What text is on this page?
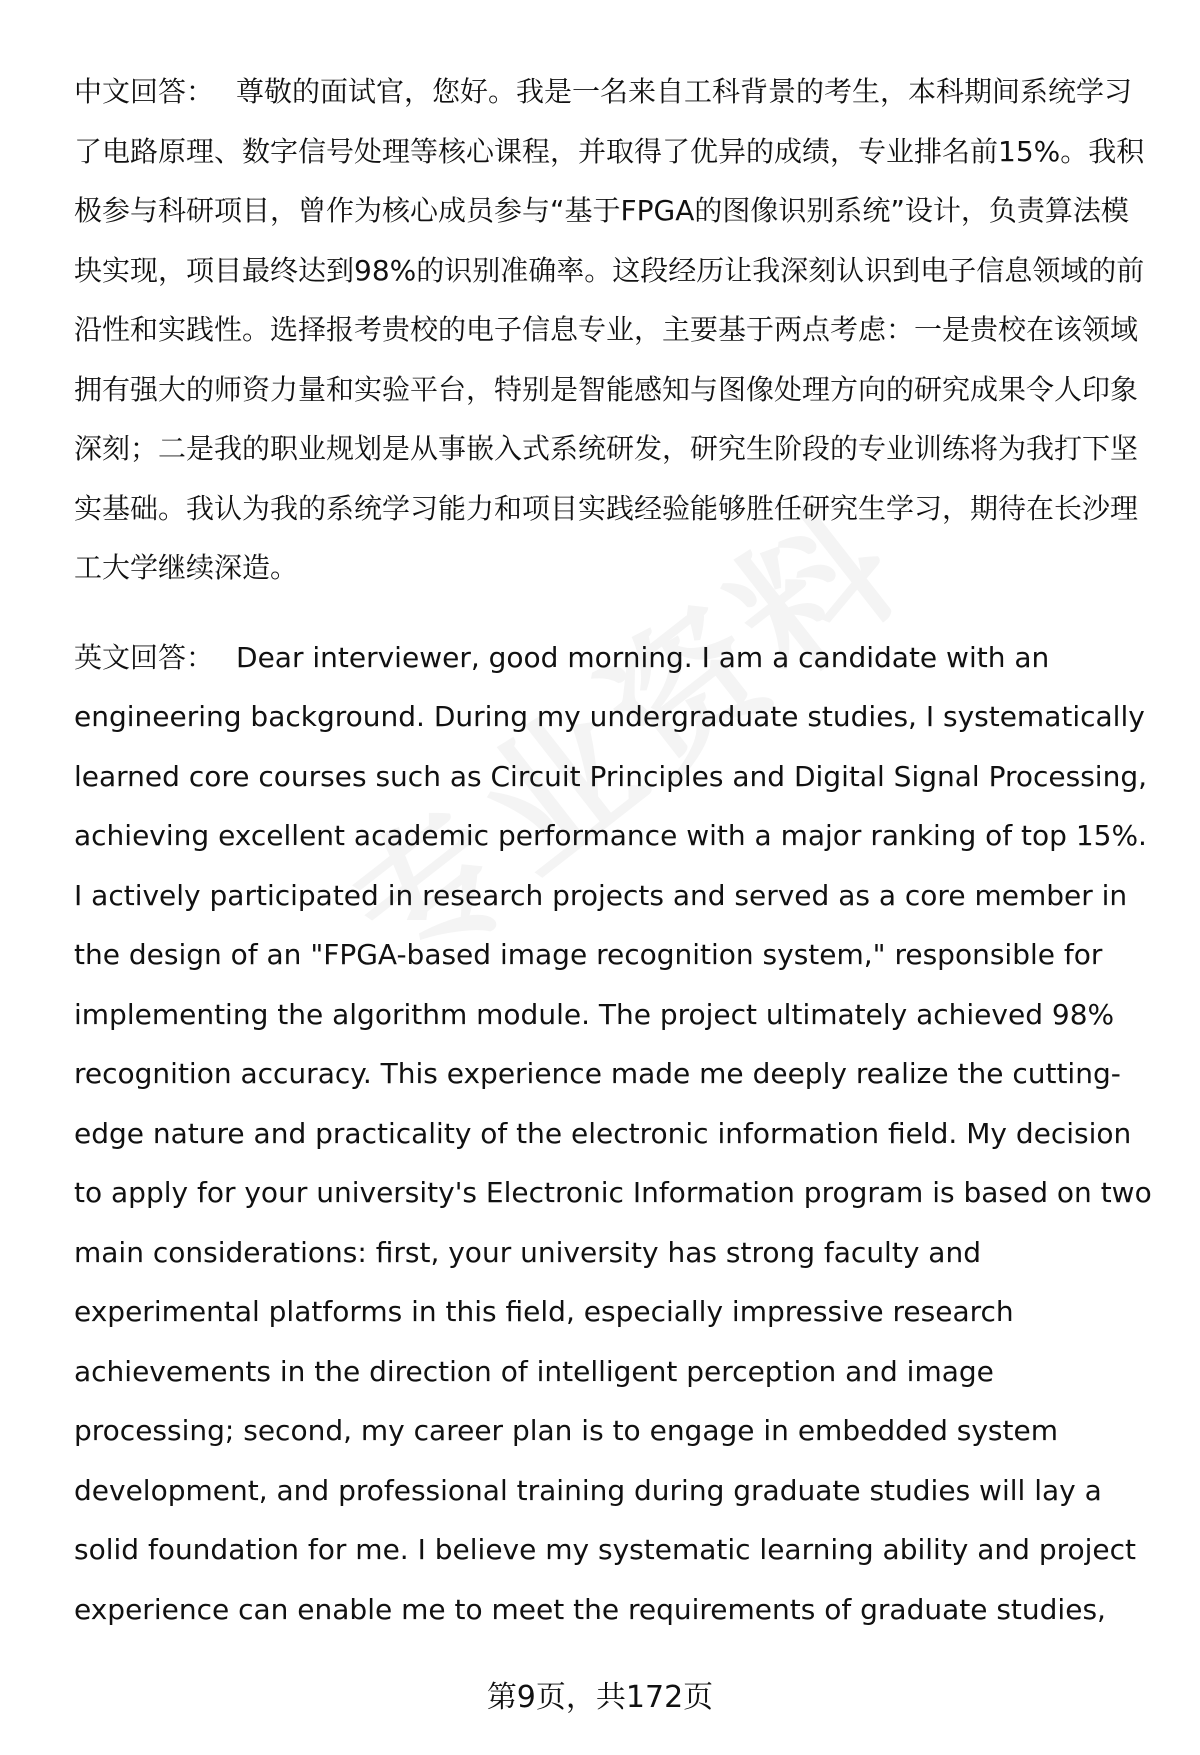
中文回答： 尊敬的面试官，您好。我是一名来自工科背景的考生，本科期间系统学习了电路原理、数字信号处理等核心课程，并取得了优异的成绩，专业排名前15%。我积极参与科研项目，曾作为核心成员参与“基于FPGA的图像识别系统”设计，负责算法模块实现，项目最终达到98%的识别准确率。这段经历让我深刻认识到电子信息领域的前沿性和实践性。选择报考贵校的电子信息专业，主要基于两点考虑：一是贵校在该领域拥有强大的师资力量和实验平台，特别是智能感知与图像处理方向的研究成果令人印象深刻；二是我的职业规划是从事嵌入式系统研发，研究生阶段的专业训练将为我打下坚实基础。我认为我的系统学习能力和项目实践经验能够胜任研究生学习，期待在长沙理工大学继续深造。

英文回答： Dear interviewer, good morning. I am a candidate with an engineering background. During my undergraduate studies, I systematically learned core courses such as Circuit Principles and Digital Signal Processing, achieving excellent academic performance with a major ranking of top 15%. I actively participated in research projects and served as a core member in the design of an "FPGA-based image recognition system," responsible for implementing the algorithm module. The project ultimately achieved 98% recognition accuracy. This experience made me deeply realize the cutting-edge nature and practicality of the electronic information field. My decision to apply for your university's Electronic Information program is based on two main considerations: first, your university has strong faculty and experimental platforms in this field, especially impressive research achievements in the direction of intelligent perception and image processing; second, my career plan is to engage in embedded system development, and professional training during graduate studies will lay a solid foundation for me. I believe my systematic learning ability and project experience can enable me to meet the requirements of graduate studies,

第9页，共172页
